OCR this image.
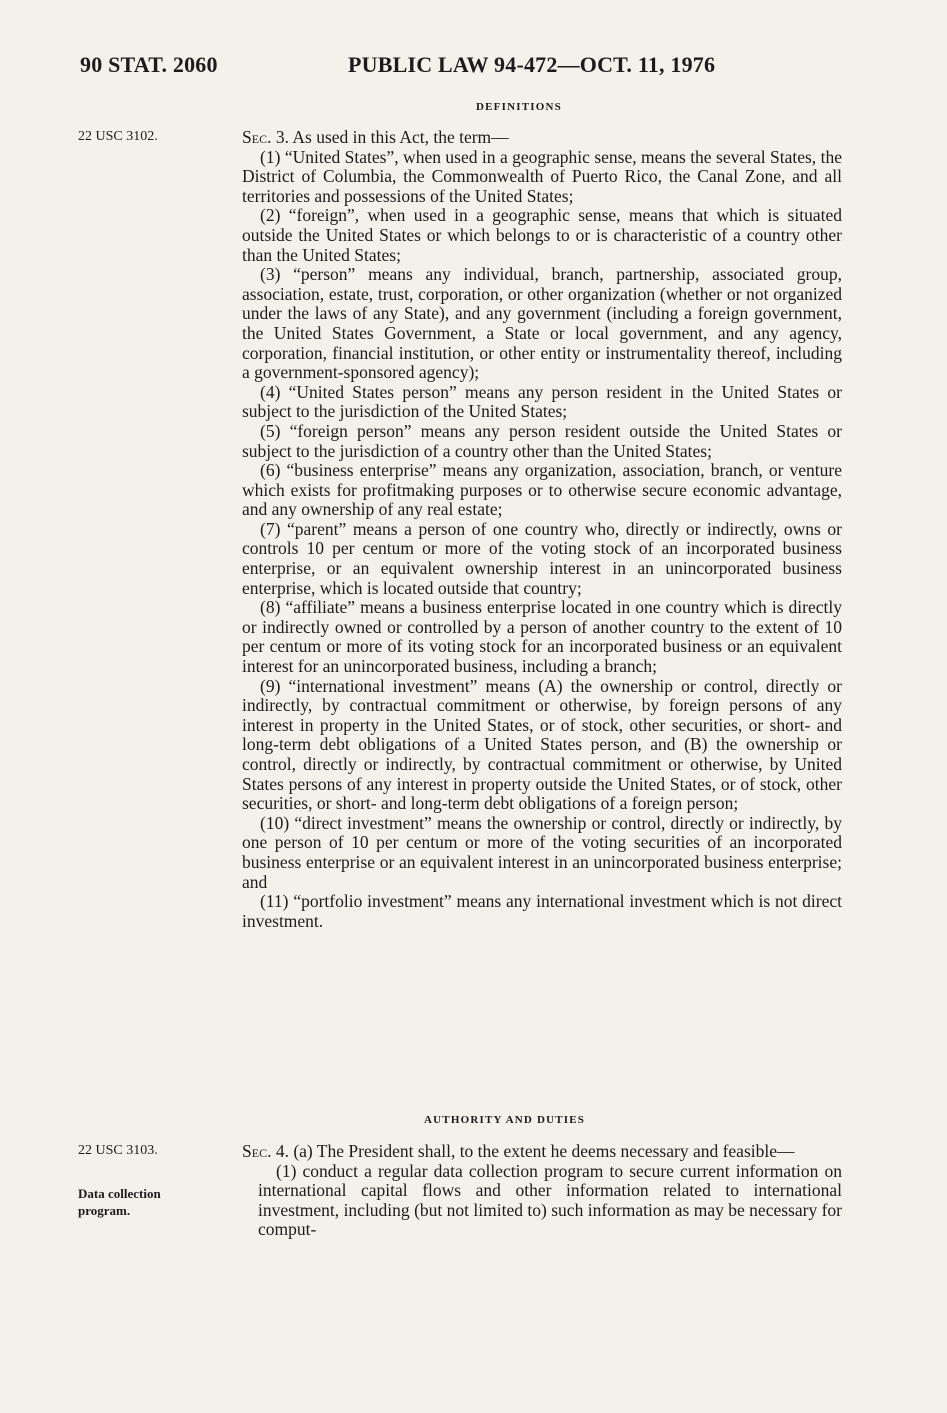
90 STAT. 2060	PUBLIC LAW 94-472—OCT. 11, 1976
DEFINITIONS
22 USC 3102.	Sec. 3. As used in this Act, the term—

(1) “United States”, when used in a geographic sense, means the several States, the District of Columbia, the Commonwealth of Puerto Rico, the Canal Zone, and all territories and possessions of the United States;

(2) “foreign”, when used in a geographic sense, means that which is situated outside the United States or which belongs to or is characteristic of a country other than the United States;

(3) “person” means any individual, branch, partnership, associated group, association, estate, trust, corporation, or other organization (whether or not organized under the laws of any State), and any government (including a foreign government, the United States Government, a State or local government, and any agency, corporation, financial institution, or other entity or instrumentality thereof, including a government-sponsored agency);

(4) “United States person” means any person resident in the United States or subject to the jurisdiction of the United States;

(5) “foreign person” means any person resident outside the United States or subject to the jurisdiction of a country other than the United States;

(6) “business enterprise” means any organization, association, branch, or venture which exists for profitmaking purposes or to otherwise secure economic advantage, and any ownership of any real estate;

(7) “parent” means a person of one country who, directly or indirectly, owns or controls 10 per centum or more of the voting stock of an incorporated business enterprise, or an equivalent ownership interest in an unincorporated business enterprise, which is located outside that country;

(8) “affiliate” means a business enterprise located in one country which is directly or indirectly owned or controlled by a person of another country to the extent of 10 per centum or more of its voting stock for an incorporated business or an equivalent interest for an unincorporated business, including a branch;

(9) “international investment” means (A) the ownership or control, directly or indirectly, by contractual commitment or otherwise, by foreign persons of any interest in property in the United States, or of stock, other securities, or short- and long-term debt obligations of a United States person, and (B) the ownership or control, directly or indirectly, by contractual commitment or otherwise, by United States persons of any interest in property outside the United States, or of stock, other securities, or short- and long-term debt obligations of a foreign person;

(10) “direct investment” means the ownership or control, directly or indirectly, by one person of 10 per centum or more of the voting securities of an incorporated business enterprise or an equivalent interest in an unincorporated business enterprise; and

(11) “portfolio investment” means any international investment which is not direct investment.

AUTHORITY AND DUTIES
22 USC 3103.
Data collection program.

Sec. 4. (a) The President shall, to the extent he deems necessary and feasible—

(1) conduct a regular data collection program to secure current information on international capital flows and other information related to international investment, including (but not limited to) such information as may be necessary for comput-
